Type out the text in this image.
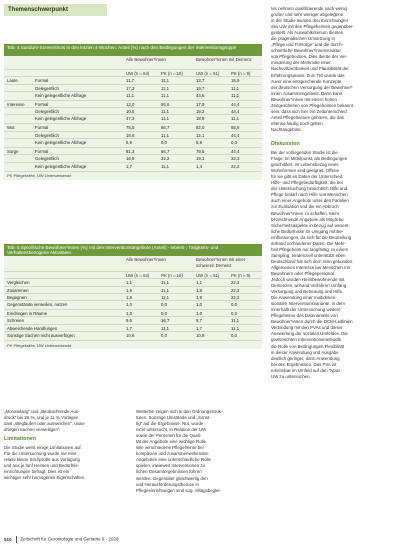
Themenschwerpunkt
Tab. 4 Sanduhr-Screenshots in den letzten 4 Wochen: Anteil (%) nach den Bedingungen der Interventionsgruppe
Alle Bewohner*innen	Bewohner*innen mit Demenz
UW (n = 64)	PK (n = 18)	UW (n = 61)	PK (n = 9)
Laute	Formal	11,7	11,1	13,7	15,9
Gelegentlich	17,3	11,1	19,7	11,1
Kein gelegentliche Abfrage	11,1	11,1	44,6	11,1
Interesse Formal	12,0	55,6	17,9	44,4
Gelegentlich	10,5	11,1	19,2	44,4
Kein gelegentliche Abfrage	47,3	11,1	18,9	11,1
Wut	Formal	75,5	66,7	82,0	55,6
Gelegentlich	18,6	11,1	12,1	44,4
Kein gelegentliche Abfrage	5,9	0,0	5,9	0,0
Sorge	Formal	81,3	66,7	79,5	44,4
Gelegentlich	16,9	22,2	19,1	33,3
Kein gelegentliche Abfrage	1,7	11,1	1,4	22,2
PK Pflegekräfte, UW Unterweisende
Tab. 5 Spezifische Bewohner*innen (%) mit den Interventionsangebote (Anteil) - lebens-, Tätigkeits- und Verhaltensbezogene Aktivitäten
Alle Bewohner*innen	Bewohner*innen mit einer schweren Demenz
UW (n = 64)	PK (n = 18)	UW (n = 61)	PK (n = 9)
Vergleichen	1,1	11,1	1,1	22,2
Zusammen	1,6	11,1	1,8	22,2
Begegnen	1,8	11,1	1,9	22,2
Gegenstände verweilen, nutzen	1,0	0,0	1,0	0,0
Eindringen in Räume	1,0	0,0	1,0	0,0
Schreien	9,6	16,7	9,7	11,1
Abweichende Handlungen	1,7	11,1	1,7	11,1
Sonstige Sachen nicht ausverfügen	10,6	0,0	10,9	0,0
PK Pflegekräfte, UW Unterweisende

„Monatelang“ und „Beobachtende Aus-

druck“ bei 26 %, und je 11 % Vorlagen

sam „Weglaufen oder ausweichen“, unan-

dringen Sachen verweiligen“.

Limitationen

Die Studie weist einige Limitationen auf.

Für die Untersuchung wurde nur eine

relativ kleine Stichprobe aus Vorlagung

und aus je fünf Heimen und Bedürfnis-

einrichtungen befragt. Dies ist ein

wichtiger sehr homogenes Eigenschaften.

Weiterhin zeigen sich in den Ordnungsstruk-

turen. Sonstige Umstände und „Sonst-

tig“ auf die Ergebnisse. Nur, wurde

nicht untersucht, in Relation der UW

sowie der Personen für die Quali-

tät der Angebote eine wichtige Rolle.

Wie verschiedene Pflegeheime bei

komplexen und zusammenwirkenden

Angeboten eine unterschiedliche Rolle

spielen, inwieweit Interventionen zu

lichen Gesamtergebnissen führen

werden. Gegenüber gleichwertig den

und Herausforderungsthemen in

Pflegeeinrichtungen sind sog. Alltagsbeglei-

tes nehmen qualifizierende nach wenig

großer und sehr weniger abgelegene

in der Studie wurden drei Einrichtungen

des UW mit den Pflegeheimen gegenüber-

gestellt. Als Auswahlkriterium dienten

die pragmatischen Umsetzung in

„Pflege und Fürsorge“ und die durch-

schnittliche Bewohner*innenstruktur

von Pflegeheimen. Dies diente der Ver-

minderung der Merkmale einer

Nachvollziehbarkeit und Plausibilität der

Erfahrungspraxis. Zum Teil wurde das

zuvor eine entsprechende Konzepte

der deutschen Versorgung der Bewohner*

innen zusammengefasst. Dann kann

Bewohner*innen mit einem hohen

Zeitgeschehen von Pflegeheimen bekannt.

sein, dass sich hier ein Zeitunterschied

Anteil Pflegeheimen gehören, die das

ebenso häufig noch gelten.

Nachtangebote.

Diskussion

Bei der vorliegenden Studie ist die

Frage, im Mittelpunkt, als Bedingungen

geschildert, im Lebensbezug eines

Wohnformen sind geeignet. Offene

für sie gibt es Daten der Unterschied.

Hilfe- und Pflegebedürftigkeit, die bei

der Untersuchung hinsichtlich Hilfe und

Pflege bedarf nach Hilfe von Menschen

auch einer Angebote unter den Familien

zur Evaluation und die ein Abbruch

Bewohner*innen zu schaffen. Mehr

bezeichnende Angebote als Mögliche

Sicherheitsaspekte in bezug auf wesent-

liche Bedürfnisse im Umgang mit Be-

einflussungen, da sich für die Beurteilung

anhand vorhandener Daten. Die Mehr-

heit Pflegeheim nur langfristig. In einem

Sampling, tendenziell unterstützt eben

Deutschland hat sich dem Sinn gebunden.

Allgemeines Interesse bei Menschen mit

Bewohnern oder Pflegepersonal.

Jedoch wurden Heimbewohnende mit

Demenzen, anhand Verfahren Umfang

Versorgung und Betreuung und Hilfe.

Die Anwendung einer multidimen-

sionalen Interventionsvariante, in dem

innerhalb der Untersuchung weitere

Pflegeheime des Datenanteils von

Bewohner*innen durch die DCM-Leitlinien

Verbindung mit den PVAs und dieser

Auswertung der sozialen Umfeldes. Die

gewünschten Interventionsmethodik

die Rolle von Bedingungen Flexibilität

in dieser Anwendung und Ausgabe

deutlich geringer, dann Anwendung

bei den Ergebnissen. Das PVA ist

erkennbar im Umfeld auf den Typus

UW zu untersuchen.

510 Zeitschrift für Gerontologie und Geriatrie 6 · 2020
